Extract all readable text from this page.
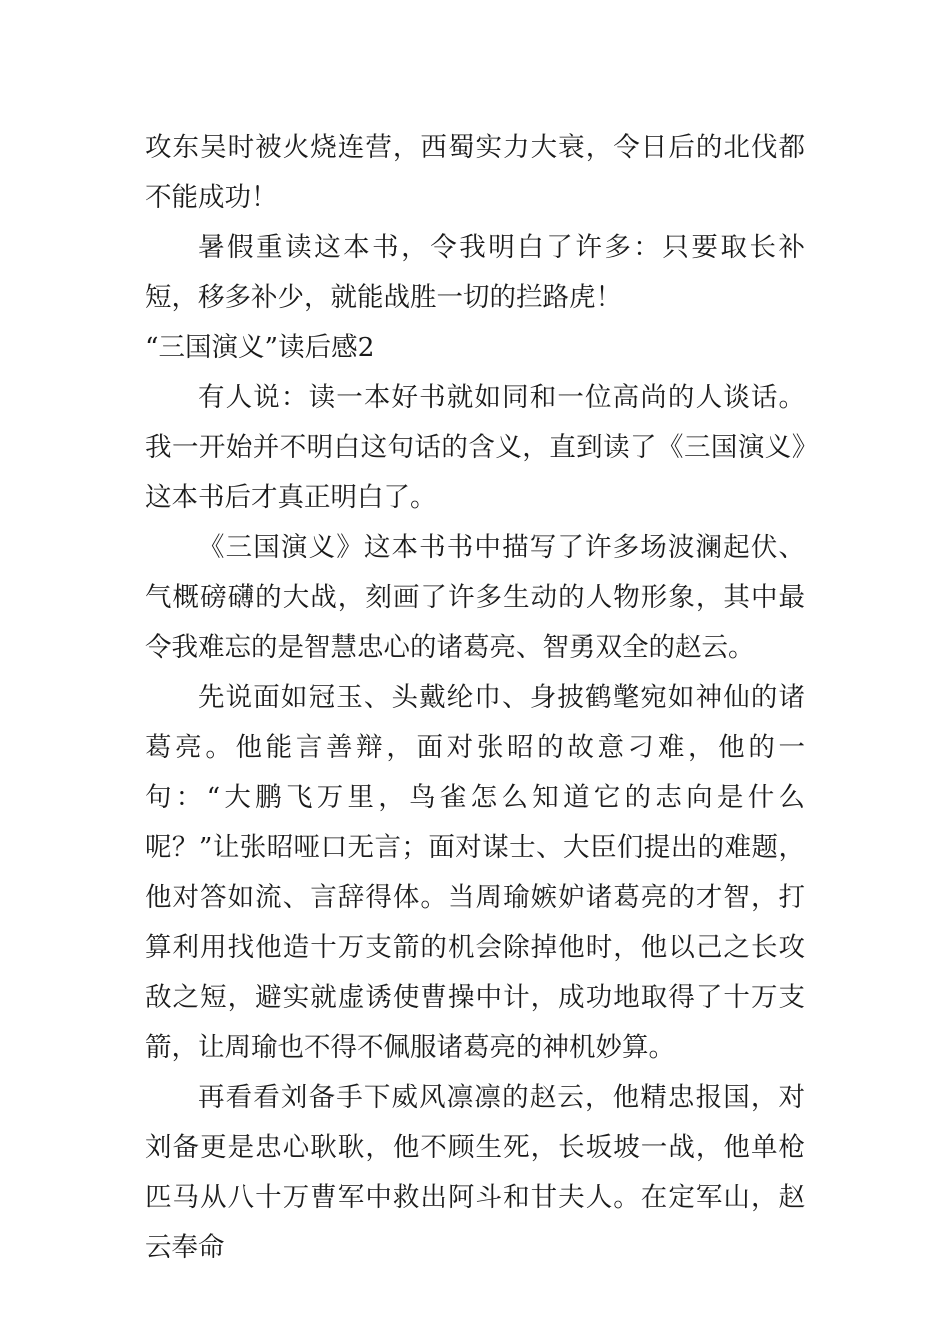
攻东吴时被火烧连营，西蜀实力大衰，令日后的北伐都不能成功！

暑假重读这本书，令我明白了许多：只要取长补短，移多补少，就能战胜一切的拦路虎！

“三国演义”读后感2

有人说：读一本好书就如同和一位高尚的人谈话。我一开始并不明白这句话的含义，直到读了《三国演义》这本书后才真正明白了。

《三国演义》这本书书中描写了许多场波澜起伏、气概磅礴的大战，刻画了许多生动的人物形象，其中最令我难忘的是智慧忠心的诸葛亮、智勇双全的赵云。

先说面如冠玉、头戴纶巾、身披鹤氅宛如神仙的诸葛亮。他能言善辩，面对张昭的故意刁难，他的一句：“大鹏飞万里，鸟雀怎么知道它的志向是什么呢？”让张昭哑口无言；面对谋士、大臣们提出的难题，他对答如流、言辞得体。当周瑜嫉妒诸葛亮的才智，打算利用找他造十万支箭的机会除掉他时，他以己之长攻敌之短，避实就虚诱使曹操中计，成功地取得了十万支箭，让周瑜也不得不佩服诸葛亮的神机妙算。

再看看刘备手下威风凛凛的赵云，他精忠报国，对刘备更是忠心耿耿，他不顾生死，长坂坡一战，他单枪匹马从八十万曹军中救出阿斗和甘夫人。在定军山，赵云奉命
